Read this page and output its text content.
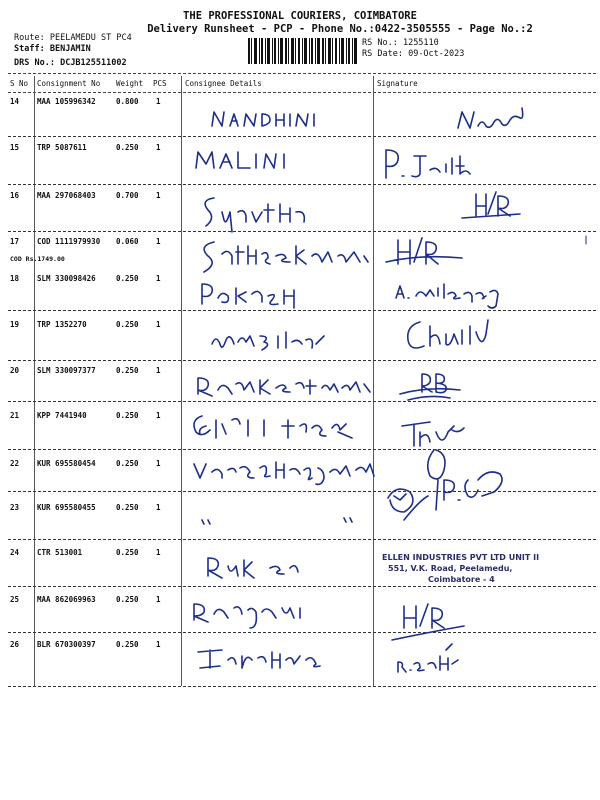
THE PROFESSIONAL COURIERS, COIMBATORE
Delivery Runsheet - PCP - Phone No.:0422-3505555 - Page No.:2
Route: PEELAMEDU ST PC4
Staff: BENJAMIN
DRS No.: DCJB125511002
RS No.: 1255110
RS Date: 09-Oct-2023
S No Consignment No Weight PCS Consignee Details	Signature
14 MAA 105996342	0.800 1
15 TRP 5087611	0.250 1
16 MAA 297068403	0.700 1
17 COD 1111979930 0.060 1
COD Rs.1749.00
18 SLM 330098426	0.250 1
19 TRP 1352270	0.250 1
20 SLM 330097377	0.250 1
21 KPP 7441940	0.250 1
22 KUR 695580454	0.250 1
23 KUR 695580455	0.250 1
24 CTR 513001	0.250 1
25 MAA 862069963	0.250 1
26 BLR 670300397	0.250 1
ELLEN INDUSTRIES PVT LTD UNIT II
551, V.K. Road, Peelamedu,
Coimbatore - 4
